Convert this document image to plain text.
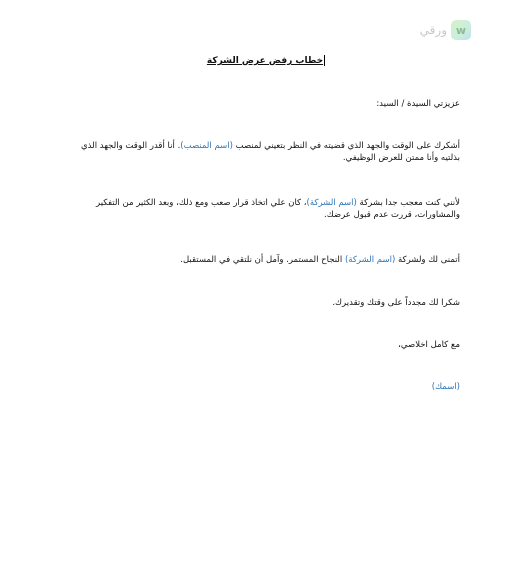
w
ورقي
خطاب رفض عرض الشركة

عزيزتي السيدة / السيد:

أشكرك على الوقت والجهد الذي قضيته في النظر بتعيني لمنصب (اسم المنصب). أنا أقدر الوقت والجهد الذي بذلتيه وأنا ممتن للعرض الوظيفي.

لأنني كنت معجب جدا بشركة (اسم الشركة)، كان علي اتخاذ قرار صعب ومع ذلك، وبعد الكثير من التفكير والمشاورات، قررت عدم قبول عرضك.

أتمنى لك ولشركة (اسم الشركة) النجاح المستمر. وآمل أن نلتقي في المستقبل.

شكرا لك مجدداً على وقتك وتقديرك.

مع كامل اخلاصي،

(اسمك)
